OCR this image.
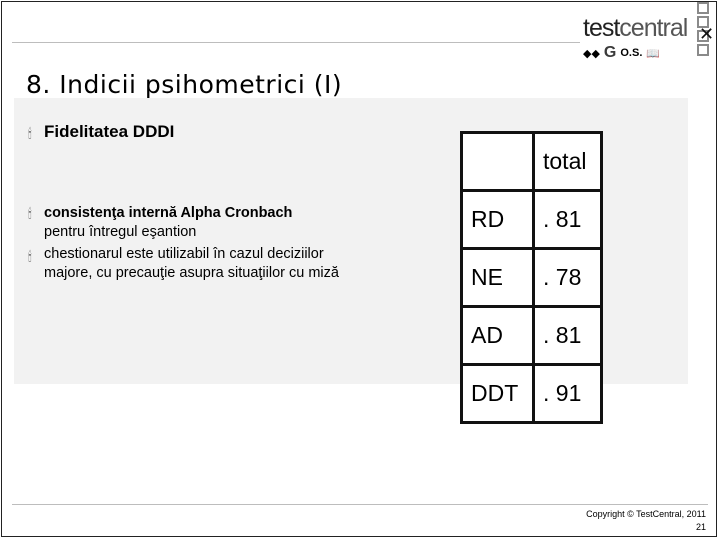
✕
testcentral
◆◆ G O.S. 📖
8. Indicii psihometrici (I)
🕯 Fidelitatea DDDI
consistenţa internă Alpha Cronbach
pentru întregul eşantion
chestionarul este utilizabil în cazul deciziilor majore, cu precauţie asupra situaţiilor cu miză
🕯
🕯
	total
RD	. 81
NE	. 78
AD	. 81
DDT	. 91
Copyright © TestCentral, 2011
21
